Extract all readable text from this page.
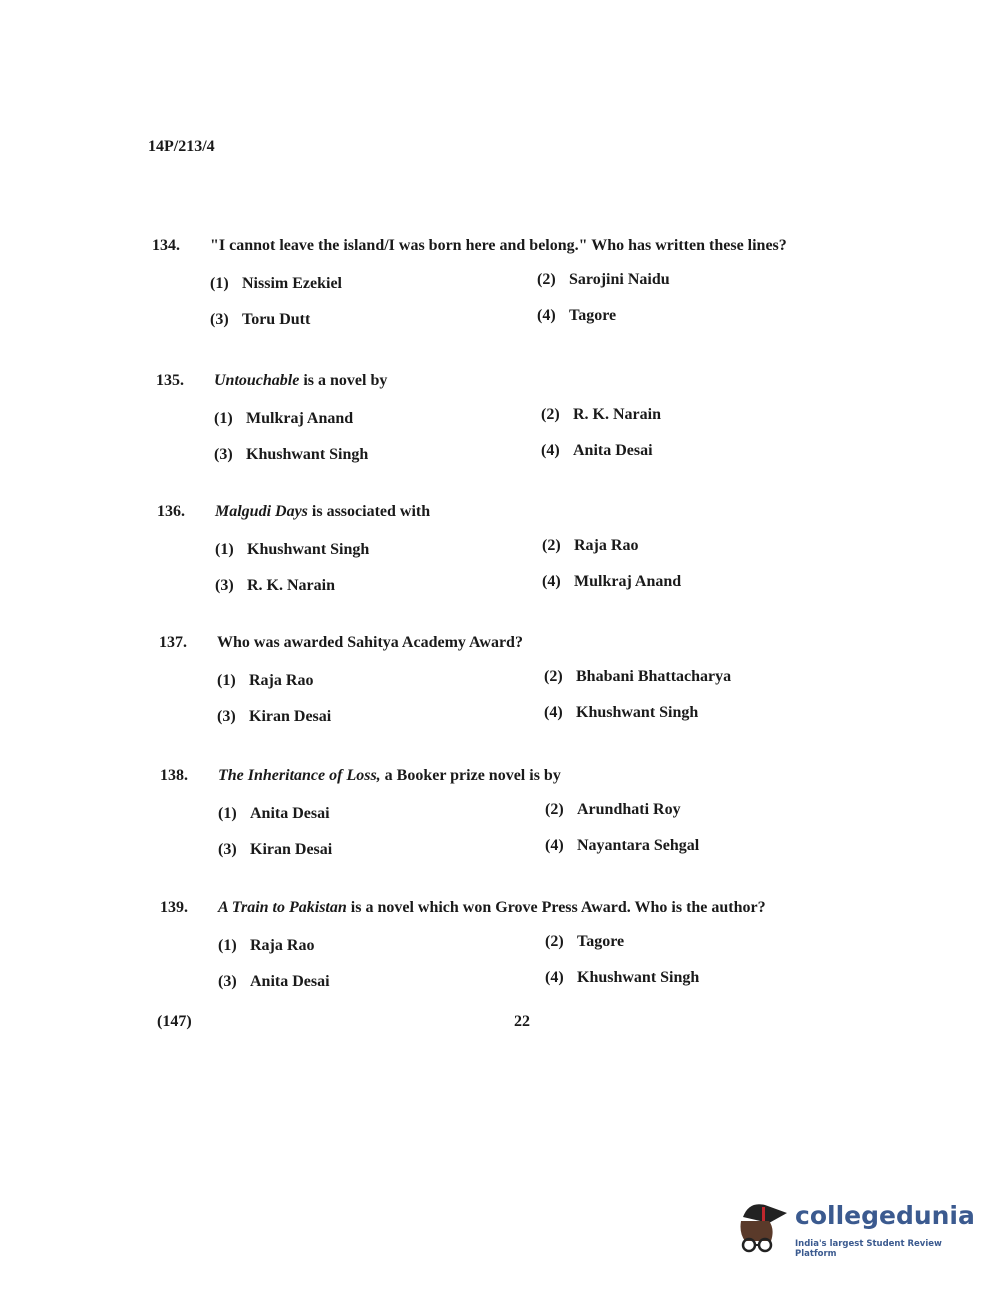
14P/213/4
134. "I cannot leave the island/I was born here and belong." Who has written these lines?
(1) Nissim Ezekiel	(2) Sarojini Naidu
(3) Toru Dutt	(4) Tagore
135. Untouchable is a novel by
(1) Mulkraj Anand	(2) R. K. Narain
(3) Khushwant Singh	(4) Anita Desai
136. Malgudi Days is associated with
(1) Khushwant Singh	(2) Raja Rao
(3) R. K. Narain	(4) Mulkraj Anand
137. Who was awarded Sahitya Academy Award?
(1) Raja Rao	(2) Bhabani Bhattacharya
(3) Kiran Desai	(4) Khushwant Singh
138. The Inheritance of Loss, a Booker prize novel is by
(1) Anita Desai	(2) Arundhati Roy
(3) Kiran Desai	(4) Nayantara Sehgal
139. A Train to Pakistan is a novel which won Grove Press Award. Who is the author?
(1) Raja Rao	(2) Tagore
(3) Anita Desai	(4) Khushwant Singh
(147)	22
collegedunia
India's largest Student Review Platform
